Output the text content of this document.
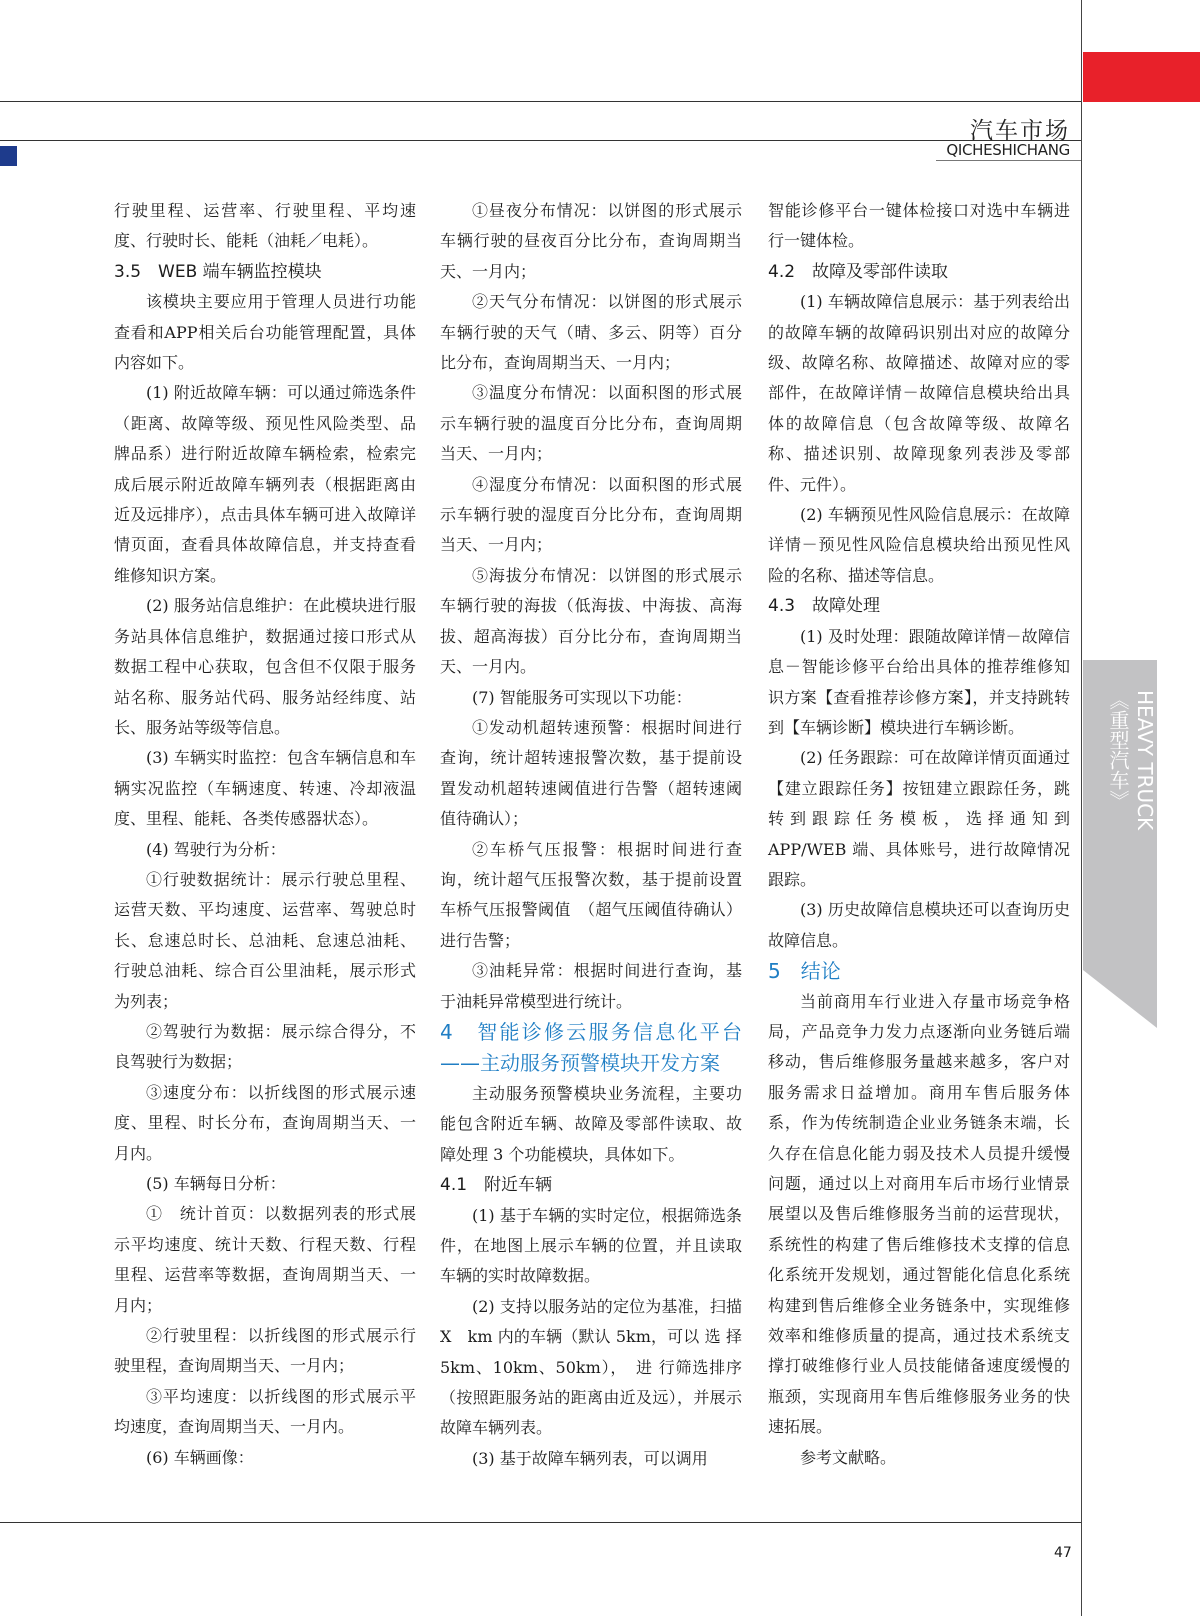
汽车市场
QICHESHICHANG
HEAVY TRUCK
《重型汽车》

行驶里程、运营率、行驶里程、平均速度、行驶时长、能耗（油耗／电耗）。

3.5　WEB 端车辆监控模块

该模块主要应用于管理人员进行功能查看和APP相关后台功能管理配置，具体内容如下。

(1) 附近故障车辆：可以通过筛选条件（距离、故障等级、预见性风险类型、品牌品系）进行附近故障车辆检索，检索完成后展示附近故障车辆列表（根据距离由近及远排序），点击具体车辆可进入故障详情页面，查看具体故障信息，并支持查看维修知识方案。

(2) 服务站信息维护：在此模块进行服务站具体信息维护，数据通过接口形式从数据工程中心获取，包含但不仅限于服务站名称、服务站代码、服务站经纬度、站长、服务站等级等信息。

(3) 车辆实时监控：包含车辆信息和车辆实况监控（车辆速度、转速、冷却液温度、里程、能耗、各类传感器状态）。

(4) 驾驶行为分析：

①行驶数据统计：展示行驶总里程、运营天数、平均速度、运营率、驾驶总时长、怠速总时长、总油耗、怠速总油耗、行驶总油耗、综合百公里油耗，展示形式为列表；

②驾驶行为数据：展示综合得分，不良驾驶行为数据；

③速度分布：以折线图的形式展示速度、里程、时长分布，查询周期当天、一月内。

(5) 车辆每日分析：

①　统计首页：以数据列表的形式展示平均速度、统计天数、行程天数、行程里程、运营率等数据，查询周期当天、一月内；

②行驶里程：以折线图的形式展示行驶里程，查询周期当天、一月内；

③平均速度：以折线图的形式展示平均速度，查询周期当天、一月内。

(6) 车辆画像：

①昼夜分布情况：以饼图的形式展示车辆行驶的昼夜百分比分布，查询周期当天、一月内；

②天气分布情况：以饼图的形式展示车辆行驶的天气（晴、多云、阴等）百分比分布，查询周期当天、一月内；

③温度分布情况：以面积图的形式展示车辆行驶的温度百分比分布，查询周期当天、一月内；

④湿度分布情况：以面积图的形式展示车辆行驶的湿度百分比分布，查询周期当天、一月内；

⑤海拔分布情况：以饼图的形式展示车辆行驶的海拔（低海拔、中海拔、高海拔、超高海拔）百分比分布，查询周期当天、一月内。

(7) 智能服务可实现以下功能：

①发动机超转速预警：根据时间进行查询，统计超转速报警次数，基于提前设置发动机超转速阈值进行告警（超转速阈值待确认）；

②车桥气压报警：根据时间进行查询，统计超气压报警次数，基于提前设置车桥气压报警阈值　（超气压阈值待确认）进行告警；

③油耗异常：根据时间进行查询，基于油耗异常模型进行统计。

4　智能诊修云服务信息化平台——主动服务预警模块开发方案

主动服务预警模块业务流程，主要功能包含附近车辆、故障及零部件读取、故障处理 3 个功能模块，具体如下。

4.1　附近车辆

(1) 基于车辆的实时定位，根据筛选条件，在地图上展示车辆的位置，并且读取车辆的实时故障数据。

(2) 支持以服务站的定位为基准，扫描 X　km 内的车辆（默认 5km，可以 选 择 5km、10km、50km），　进 行筛选排序（按照距服务站的距离由近及远），并展示故障车辆列表。

(3) 基于故障车辆列表，可以调用

智能诊修平台一键体检接口对选中车辆进行一键体检。

4.2　故障及零部件读取

(1) 车辆故障信息展示：基于列表给出的故障车辆的故障码识别出对应的故障分级、故障名称、故障描述、故障对应的零部件，在故障详情－故障信息模块给出具体的故障信息（包含故障等级、故障名称、描述识别、故障现象列表涉及零部件、元件）。

(2) 车辆预见性风险信息展示：在故障详情－预见性风险信息模块给出预见性风险的名称、描述等信息。

4.3　故障处理

(1) 及时处理：跟随故障详情－故障信息－智能诊修平台给出具体的推荐维修知识方案【查看推荐诊修方案】，并支持跳转到【车辆诊断】模块进行车辆诊断。

(2) 任务跟踪：可在故障详情页面通过【建立跟踪任务】按钮建立跟踪任务，跳转到跟踪任务模板，选择通知到APP/WEB 端、具体账号，进行故障情况跟踪。

(3) 历史故障信息模块还可以查询历史故障信息。

5　结论

当前商用车行业进入存量市场竞争格局，产品竞争力发力点逐渐向业务链后端移动，售后维修服务量越来越多，客户对服务需求日益增加。商用车售后服务体系，作为传统制造企业业务链条末端，长久存在信息化能力弱及技术人员提升缓慢问题，通过以上对商用车后市场行业情景展望以及售后维修服务当前的运营现状，系统性的构建了售后维修技术支撑的信息化系统开发规划，通过智能化信息化系统构建到售后维修全业务链条中，实现维修效率和维修质量的提高，通过技术系统支撑打破维修行业人员技能储备速度缓慢的瓶颈，实现商用车售后维修服务业务的快速拓展。

参考文献略。

47
